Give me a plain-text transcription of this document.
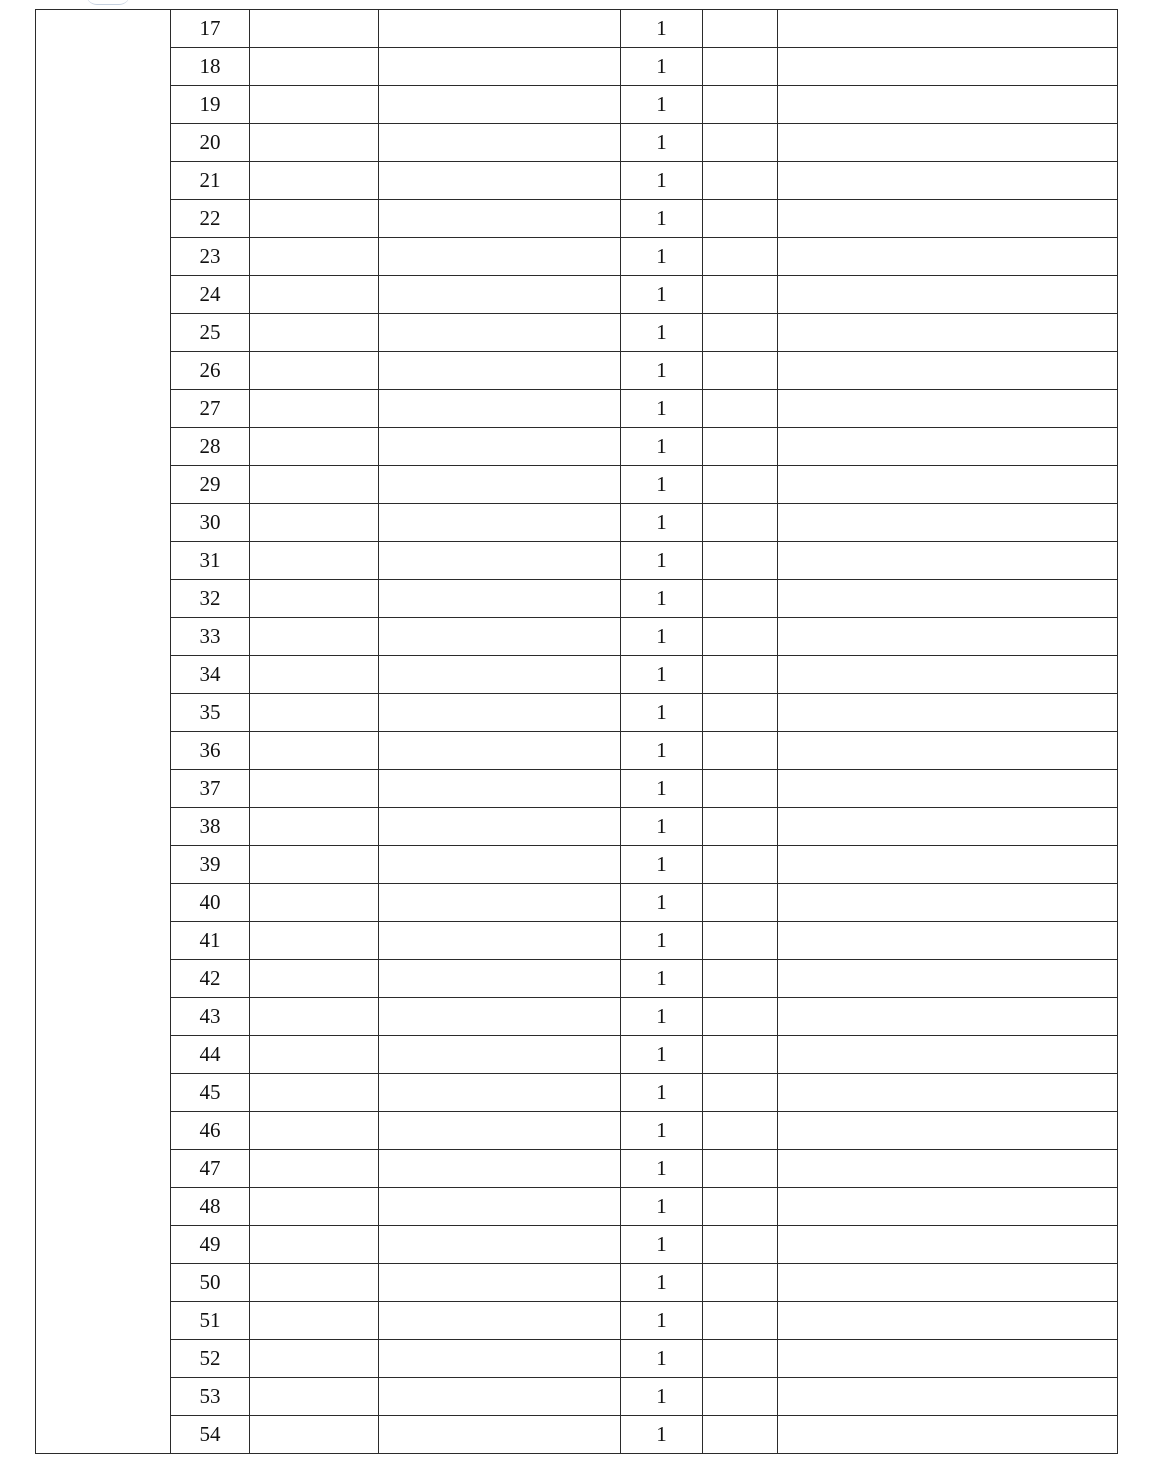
	17			1		
	18			1		
	19			1		
	20			1		
	21			1		
	22			1		
	23			1		
	24			1		
	25			1		
	26			1		
	27			1		
	28			1		
	29			1		
	30			1		
	31			1		
	32			1		
	33			1		
	34			1		
	35			1		
	36			1		
	37			1		
	38			1		
	39			1		
	40			1		
	41			1		
	42			1		
	43			1		
	44			1		
	45			1		
	46			1		
	47			1		
	48			1		
	49			1		
	50			1		
	51			1		
	52			1		
	53			1		
	54			1		
